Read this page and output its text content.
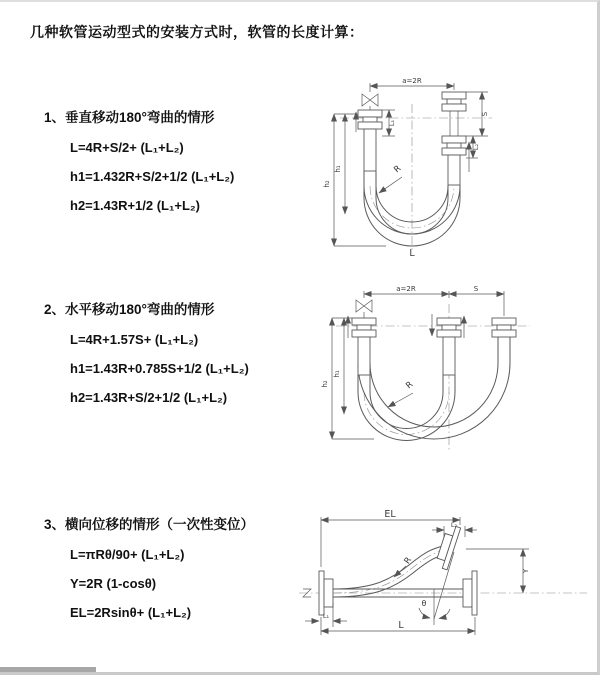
几种软管运动型式的安装方式时，软管的长度计算：
1、垂直移动180°弯曲的情形
L=4R+S/2+ (L₁+L₂)
h1=1.432R+S/2+1/2 (L₁+L₂)
h2=1.43R+1/2 (L₁+L₂)
a=2R
h₂
h₁
L₁
S
L₂
R
L
2、水平移动180°弯曲的情形
L=4R+1.57S+ (L₁+L₂)
h1=1.43R+0.785S+1/2 (L₁+L₂)
h2=1.43R+S/2+1/2 (L₁+L₂)
a=2R	S
h₂
h₁
R
3、横向位移的情形（一次性变位）
L=πRθ/90+ (L₁+L₂)
Y=2R (1-cosθ)
EL=2Rsinθ+ (L₁+L₂)
θ
R
EL
L₂
Y
L
L₁
